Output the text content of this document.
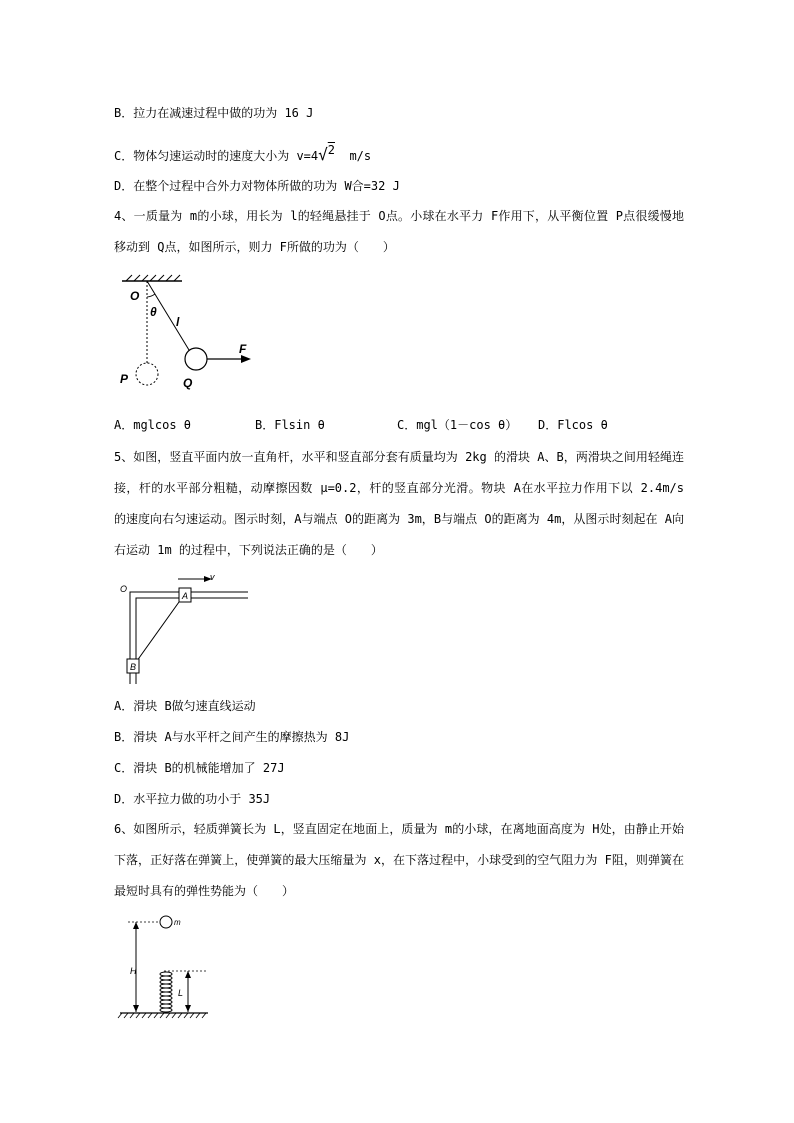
B．拉力在减速过程中做的功为 16 J
C．物体匀速运动时的速度大小为 v=4√2 m/s
D．在整个过程中合外力对物体所做的功为 W合=32 J
4、一质量为 m的小球，用长为 l的轻绳悬挂于 O点。小球在水平力 F作用下，从平衡位置 P点很缓慢地移动到 Q点，如图所示，则力 F所做的功为（　　）
O
θ
l
F
P	Q
A．mglcos θ	B．Flsin θ	C．mgl（1－cos θ） D．Flcos θ
5、如图，竖直平面内放一直角杆，水平和竖直部分套有质量均为 2kg 的滑块 A、B，两滑块之间用轻绳连接，杆的水平部分粗糙，动摩擦因数 μ=0.2，杆的竖直部分光滑。物块 A在水平拉力作用下以 2.4m/s 的速度向右匀速运动。图示时刻，A与端点 O的距离为 3m，B与端点 O的距离为 4m，从图示时刻起在 A向右运动 1m 的过程中，下列说法正确的是（　　）
O
v
A
B
A．滑块 B做匀速直线运动
B．滑块 A与水平杆之间产生的摩擦热为 8J
C．滑块 B的机械能增加了 27J
D．水平拉力做的功小于 35J
6、如图所示，轻质弹簧长为 L，竖直固定在地面上，质量为 m的小球，在离地面高度为 H处，由静止开始下落，正好落在弹簧上，使弹簧的最大压缩量为 x，在下落过程中，小球受到的空气阻力为 F阻，则弹簧在最短时具有的弹性势能为（　　）
m
H
L
